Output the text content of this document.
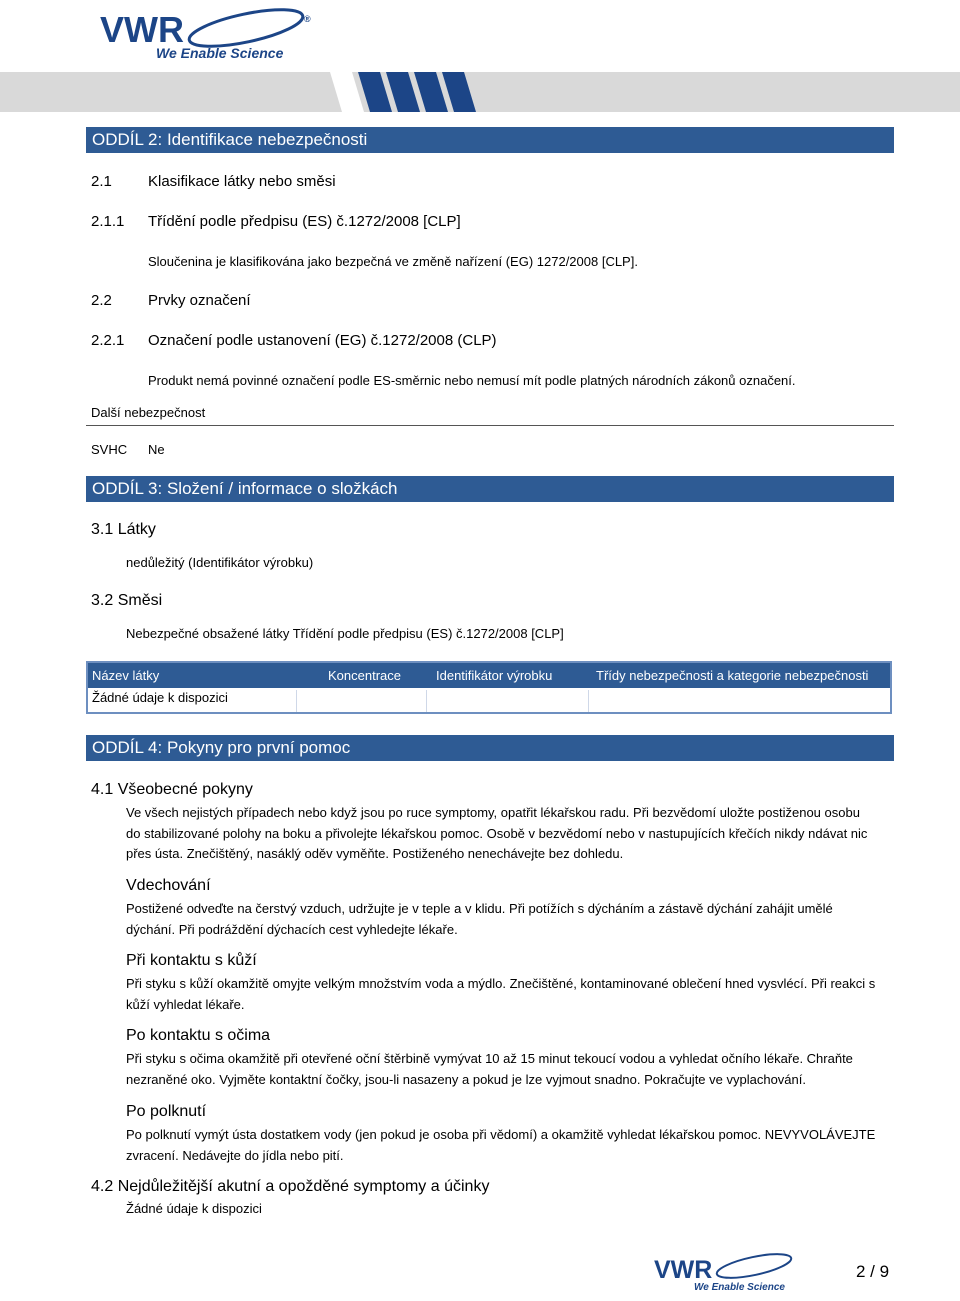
VWR
We Enable Science
®
ODDÍL 2: Identifikace nebezpečnosti
2.1 Klasifikace látky nebo směsi
2.1.1 Třídění podle předpisu (ES) č.1272/2008 [CLP]
Sloučenina je klasifikována jako bezpečná ve změně nařízení (EG) 1272/2008 [CLP].
2.2 Prvky označení
2.2.1 Označení podle ustanovení (EG) č.1272/2008 (CLP)
Produkt nemá povinné označení podle ES-směrnic nebo nemusí mít podle platných národních zákonů označení.
Další nebezpečnost
SVHC Ne
ODDÍL 3: Složení / informace o složkách
3.1 Látky
nedůležitý (Identifikátor výrobku)
3.2 Směsi
Nebezpečné obsažené látky Třídění podle předpisu (ES) č.1272/2008 [CLP]
Název látky	Koncentrace	Identifikátor výrobku	Třídy nebezpečnosti a kategorie nebezpečnosti
Žádné údaje k dispozici
ODDÍL 4: Pokyny pro první pomoc
4.1 Všeobecné pokyny
Ve všech nejistých případech nebo když jsou po ruce symptomy, opatřit lékařskou radu. Při bezvědomí uložte postiženou osobu
do stabilizované polohy na boku a přivolejte lékařskou pomoc. Osobě v bezvědomí nebo v nastupujících křečích nikdy ndávat nic
přes ústa. Znečištěný, nasáklý oděv vyměňte. Postiženého nenechávejte bez dohledu.
Vdechování
Postižené odveďte na čerstvý vzduch, udržujte je v teple a v klidu. Při potížích s dýcháním a zástavě dýchání zahájit umělé
dýchání. Při podráždění dýchacích cest vyhledejte lékaře.
Při kontaktu s kůží
Při styku s kůží okamžitě omyjte velkým množstvím voda a mýdlo. Znečištěné, kontaminované oblečení hned vysvlécí. Při reakci s
kůží vyhledat lékaře.
Po kontaktu s očima
Při styku s očima okamžitě při otevřené oční štěrbině vymývat 10 až 15 minut tekoucí vodou a vyhledat očního lékaře. Chraňte
nezraněné oko. Vyjměte kontaktní čočky, jsou-li nasazeny a pokud je lze vyjmout snadno. Pokračujte ve vyplachování.
Po polknutí
Po polknutí vymýt ústa dostatkem vody (jen pokud je osoba při vědomí) a okamžitě vyhledat lékařskou pomoc. NEVYVOLÁVEJTE
zvracení. Nedávejte do jídla nebo pití.
4.2 Nejdůležitější akutní a opožděné symptomy a účinky
Žádné údaje k dispozici
VWR
We Enable Science
2 / 9
